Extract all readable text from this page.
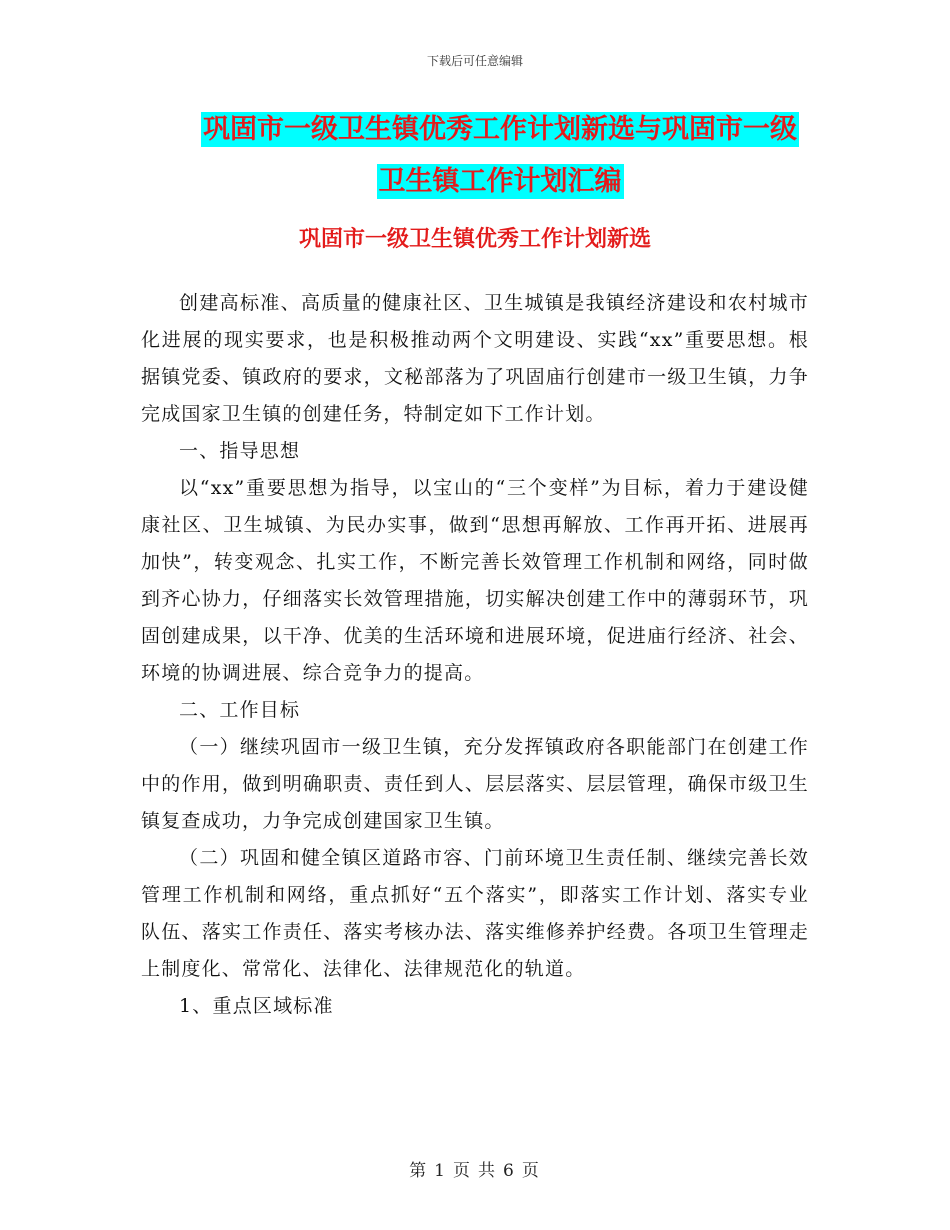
下载后可任意编辑
巩固市一级卫生镇优秀工作计划新选与巩固市一级卫生镇工作计划汇编
巩固市一级卫生镇优秀工作计划新选

创建高标准、高质量的健康社区、卫生城镇是我镇经济建设和农村城市化进展的现实要求，也是积极推动两个文明建设、实践“xx”重要思想。根据镇党委、镇政府的要求，文秘部落为了巩固庙行创建市一级卫生镇，力争完成国家卫生镇的创建任务，特制定如下工作计划。

一、指导思想

以“xx”重要思想为指导，以宝山的“三个变样”为目标，着力于建设健康社区、卫生城镇、为民办实事，做到“思想再解放、工作再开拓、进展再加快”，转变观念、扎实工作，不断完善长效管理工作机制和网络，同时做到齐心协力，仔细落实长效管理措施，切实解决创建工作中的薄弱环节，巩固创建成果，以干净、优美的生活环境和进展环境，促进庙行经济、社会、环境的协调进展、综合竞争力的提高。

二、工作目标

（一）继续巩固市一级卫生镇，充分发挥镇政府各职能部门在创建工作中的作用，做到明确职责、责任到人、层层落实、层层管理，确保市级卫生镇复查成功，力争完成创建国家卫生镇。

（二）巩固和健全镇区道路市容、门前环境卫生责任制、继续完善长效管理工作机制和网络，重点抓好“五个落实”，即落实工作计划、落实专业队伍、落实工作责任、落实考核办法、落实维修养护经费。各项卫生管理走上制度化、常常化、法律化、法律规范化的轨道。

1、重点区域标准

第 1 页 共 6 页
